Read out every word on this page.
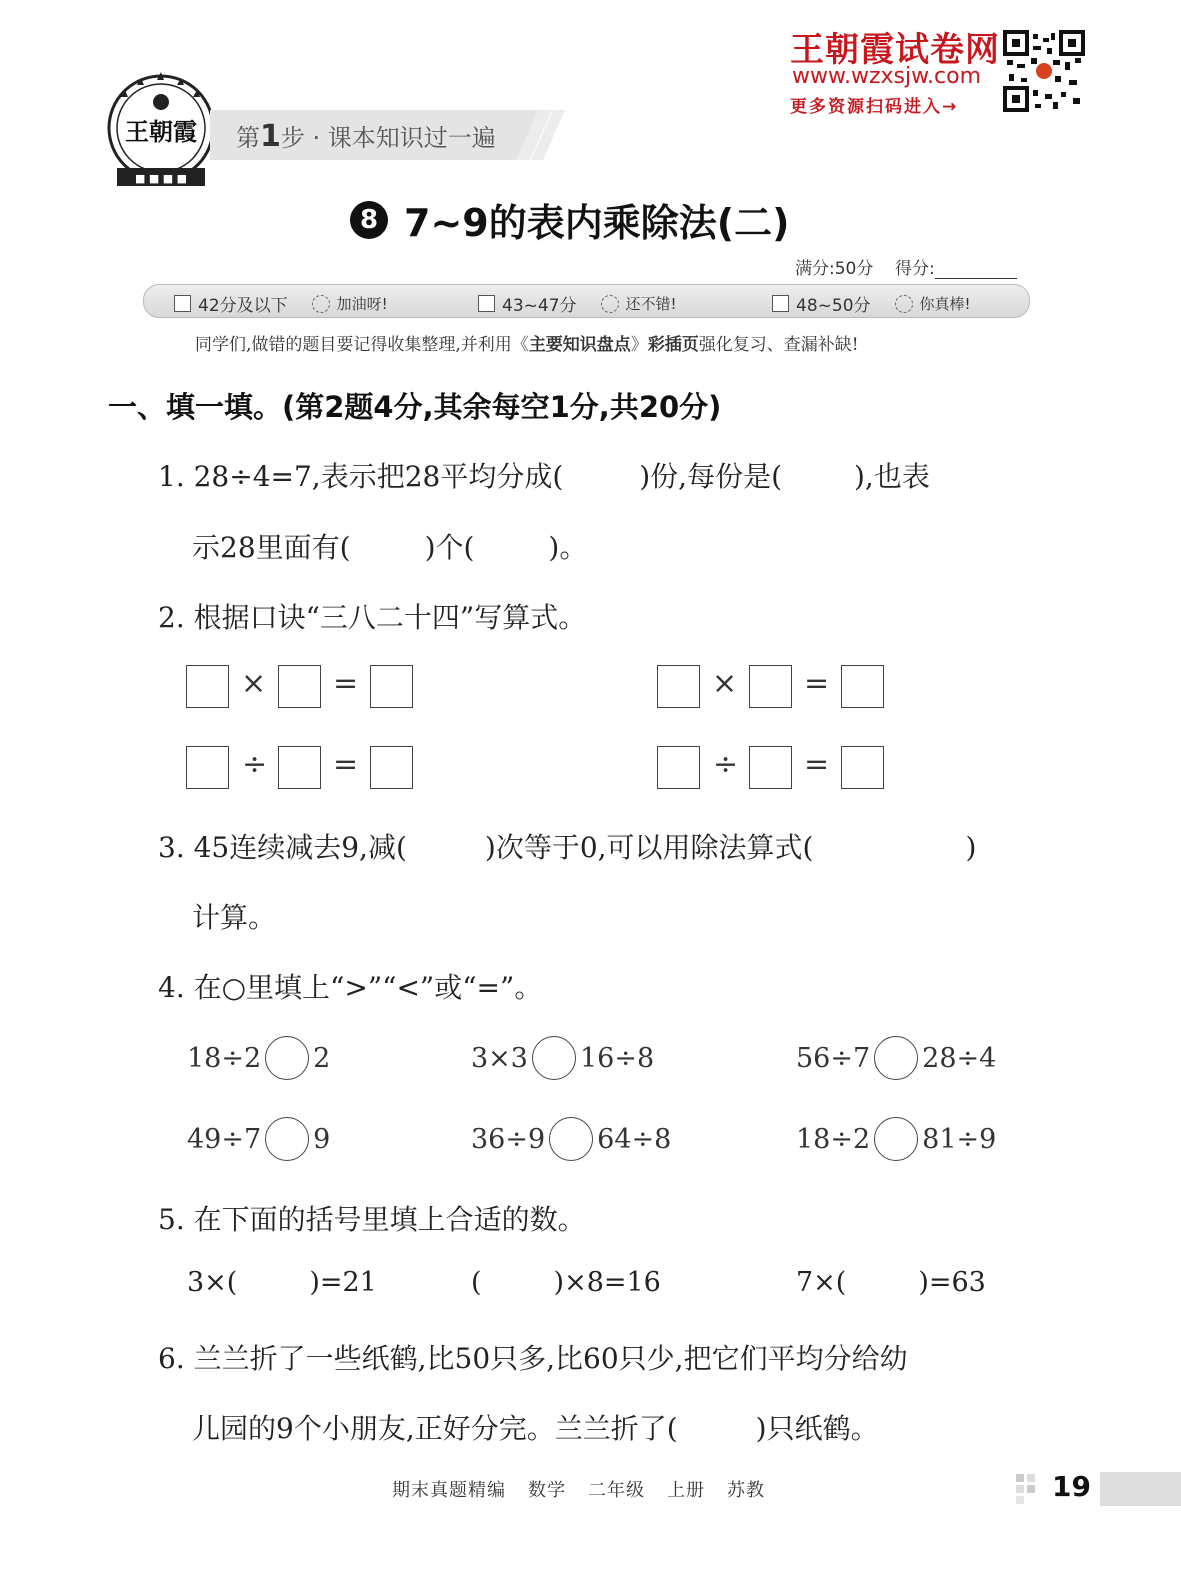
王朝霞试卷网
www.wzxsjw.com
更多资源扫码进入→
王朝霞
■ ■ ■ ■
第1步 · 课本知识过一遍
8 7~9的表内乘除法(二)
满分:50分 得分:
42分及以下	加油呀!	43~47分	还不错!	48~50分	你真棒!
同学们,做错的题目要记得收集整理,并利用《主要知识盘点》彩插页强化复习、查漏补缺!
一、填一填。(第2题4分,其余每空1分,共20分)
1. 28÷4=7,表示把28平均分成(	)份,每份是(	),也表
示28里面有(	)个(	)。
2. 根据口诀“三八二十四”写算式。
× =	× =
÷ =	÷ =
3. 45连续减去9,减(	)次等于0,可以用除法算式(	)
计算。
4. 在○里填上“>”“<”或“=”。
18÷2 2	3×3 16÷8	56÷7 28÷4
49÷7 9	36÷9 64÷8	18÷2 81÷9
5. 在下面的括号里填上合适的数。
3×(	)=21	(	)×8=16	7×(	)=63
6. 兰兰折了一些纸鹤,比50只多,比60只少,把它们平均分给幼
儿园的9个小朋友,正好分完。兰兰折了(	)只纸鹤。
期末真题精编 数学 二年级 上册 苏教	19
